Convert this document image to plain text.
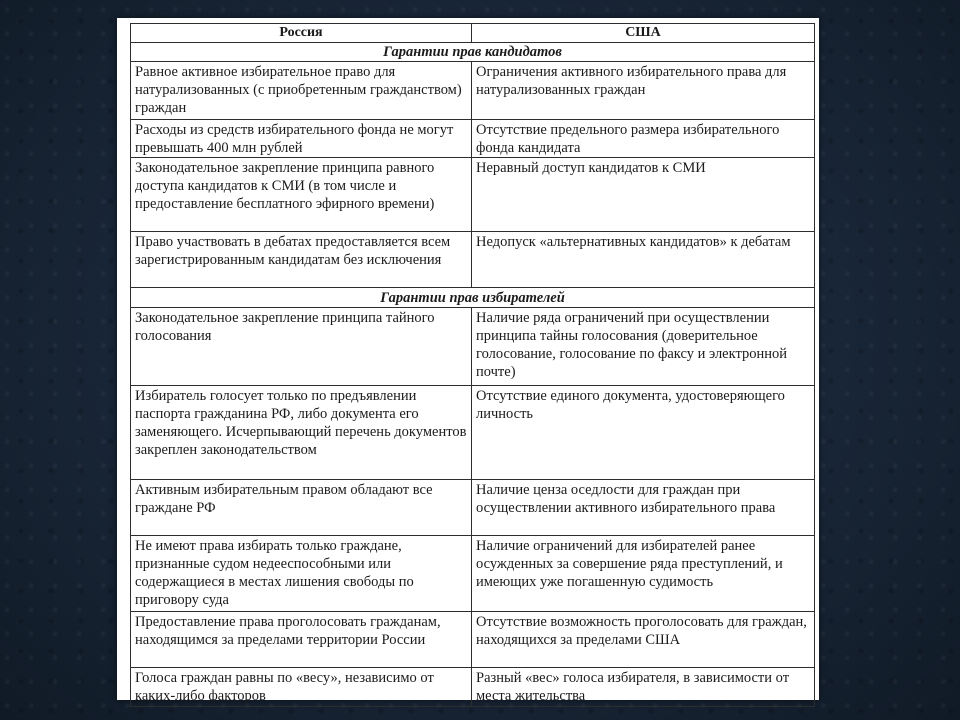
Россия	США
Гарантии прав кандидатов	
Равное активное избирательное право для натурализованных (с приобретенным гражданством) граждан	Ограничения активного избирательного права для натурализованных граждан
Расходы из средств избирательного фонда не могут превышать 400 млн рублей	Отсутствие предельного размера избирательного фонда кандидата
Законодательное закрепление принципа равного доступа кандидатов к СМИ (в том числе и предоставление бесплатного эфирного времени)	Неравный доступ кандидатов к СМИ
Право участвовать в дебатах предоставляется всем зарегистрированным кандидатам без исключения	Недопуск «альтернативных кандидатов» к дебатам
Гарантии прав избирателей	
Законодательное закрепление принципа тайного голосования	Наличие ряда ограничений при осуществлении принципа тайны голосования (доверительное голосование, голосование по факсу и электронной почте)
Избиратель голосует только по предъявлении паспорта гражданина РФ, либо документа его заменяющего. Исчерпывающий перечень документов закреплен законодательством	Отсутствие единого документа, удостоверяющего личность
Активным избирательным правом обладают все граждане РФ	Наличие ценза оседлости для граждан при осуществлении активного избирательного права
Не имеют права избирать только граждане, признанные судом недееспособными или содержащиеся в местах лишения свободы по приговору суда	Наличие ограничений для избирателей ранее осужденных за совершение ряда преступлений, и имеющих уже погашенную судимость
Предоставление права проголосовать гражданам, находящимся за пределами территории России	Отсутствие возможность проголосовать для граждан, находящихся за пределами США
Голоса граждан равны по «весу», независимо от каких-либо факторов	Разный «вес» голоса избирателя, в зависимости от места жительства
